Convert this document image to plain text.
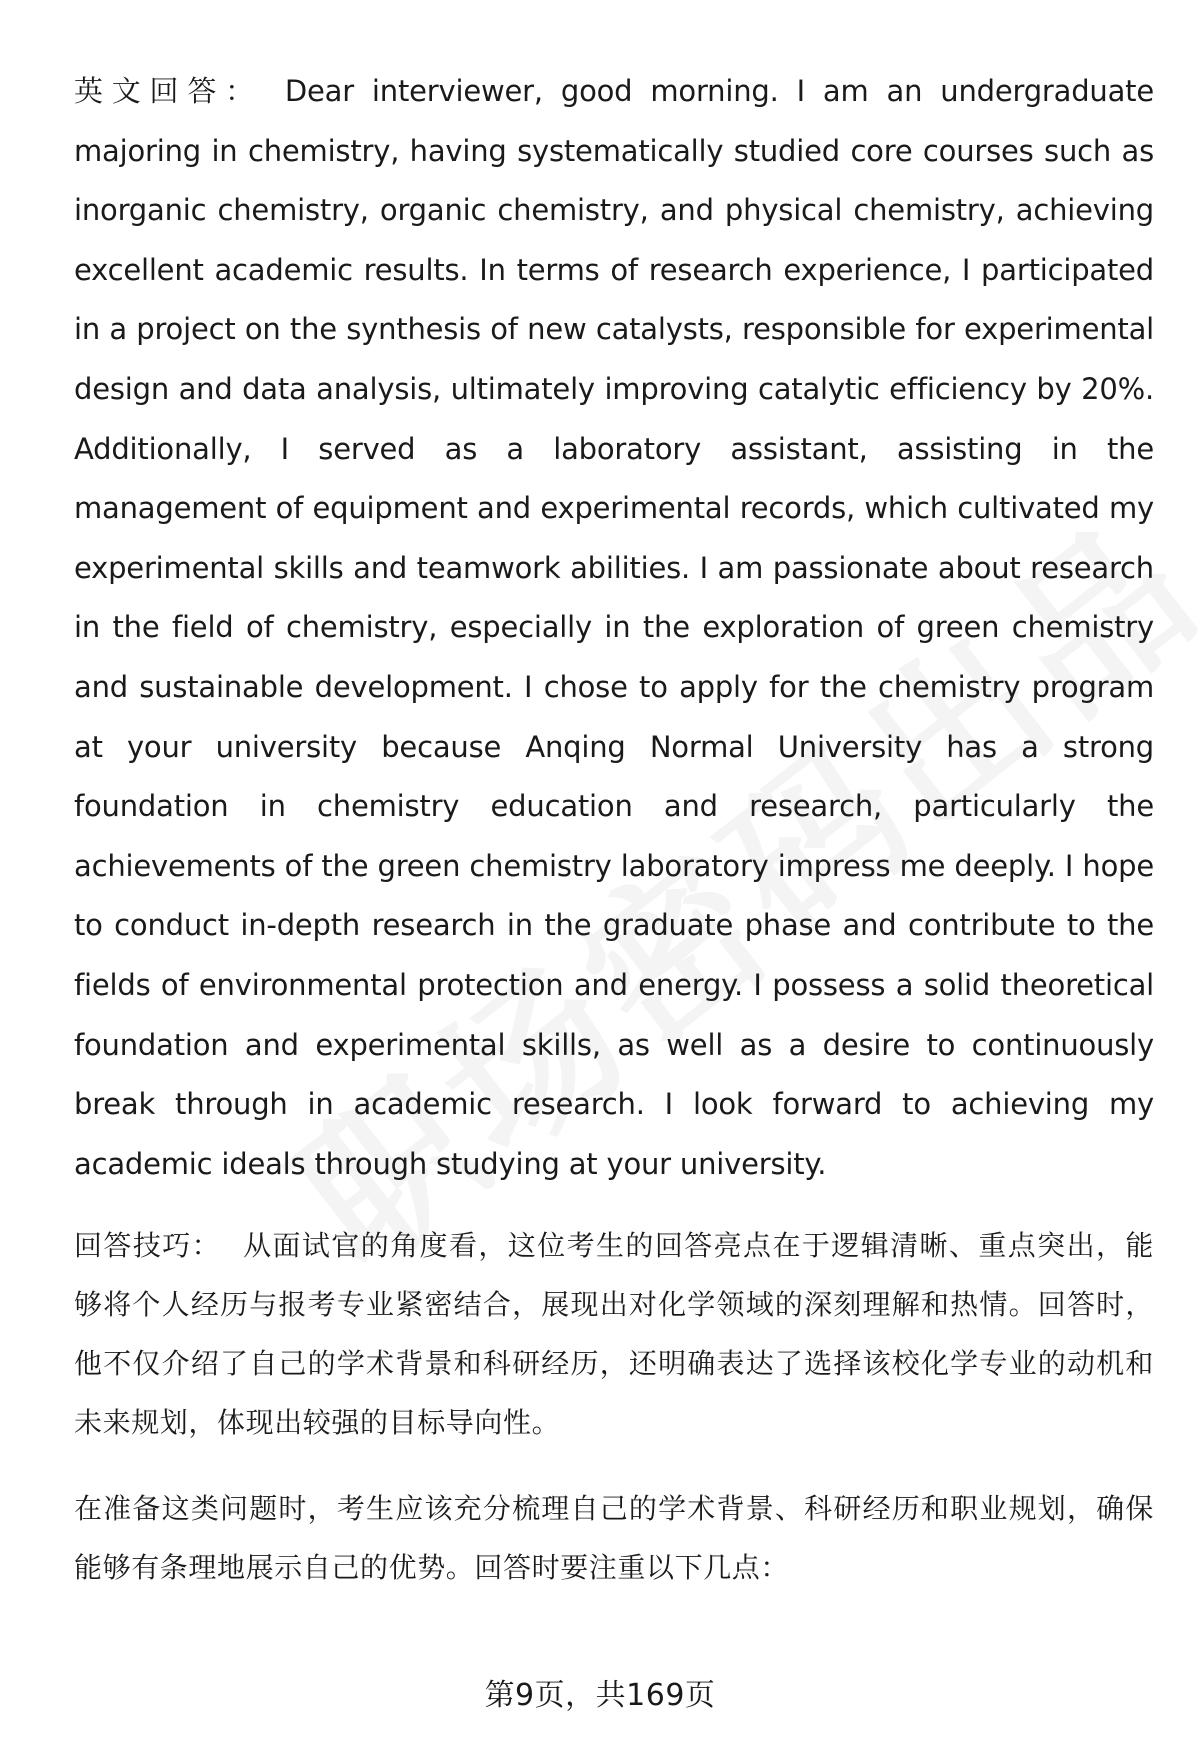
英文回答： Dear interviewer, good morning. I am an undergraduate majoring in chemistry, having systematically studied core courses such as inorganic chemistry, organic chemistry, and physical chemistry, achieving excellent academic results. In terms of research experience, I participated in a project on the synthesis of new catalysts, responsible for experimental design and data analysis, ultimately improving catalytic efficiency by 20%. Additionally, I served as a laboratory assistant, assisting in the management of equipment and experimental records, which cultivated my experimental skills and teamwork abilities. I am passionate about research in the field of chemistry, especially in the exploration of green chemistry and sustainable development. I chose to apply for the chemistry program at your university because Anqing Normal University has a strong foundation in chemistry education and research, particularly the achievements of the green chemistry laboratory impress me deeply. I hope to conduct in-depth research in the graduate phase and contribute to the fields of environmental protection and energy. I possess a solid theoretical foundation and experimental skills, as well as a desire to continuously break through in academic research. I look forward to achieving my academic ideals through studying at your university.

回答技巧： 从面试官的角度看，这位考生的回答亮点在于逻辑清晰、重点突出，能够将个人经历与报考专业紧密结合，展现出对化学领域的深刻理解和热情。回答时，他不仅介绍了自己的学术背景和科研经历，还明确表达了选择该校化学专业的动机和未来规划，体现出较强的目标导向性。

在准备这类问题时，考生应该充分梳理自己的学术背景、科研经历和职业规划，确保能够有条理地展示自己的优势。回答时要注重以下几点：

第9页，共169页
